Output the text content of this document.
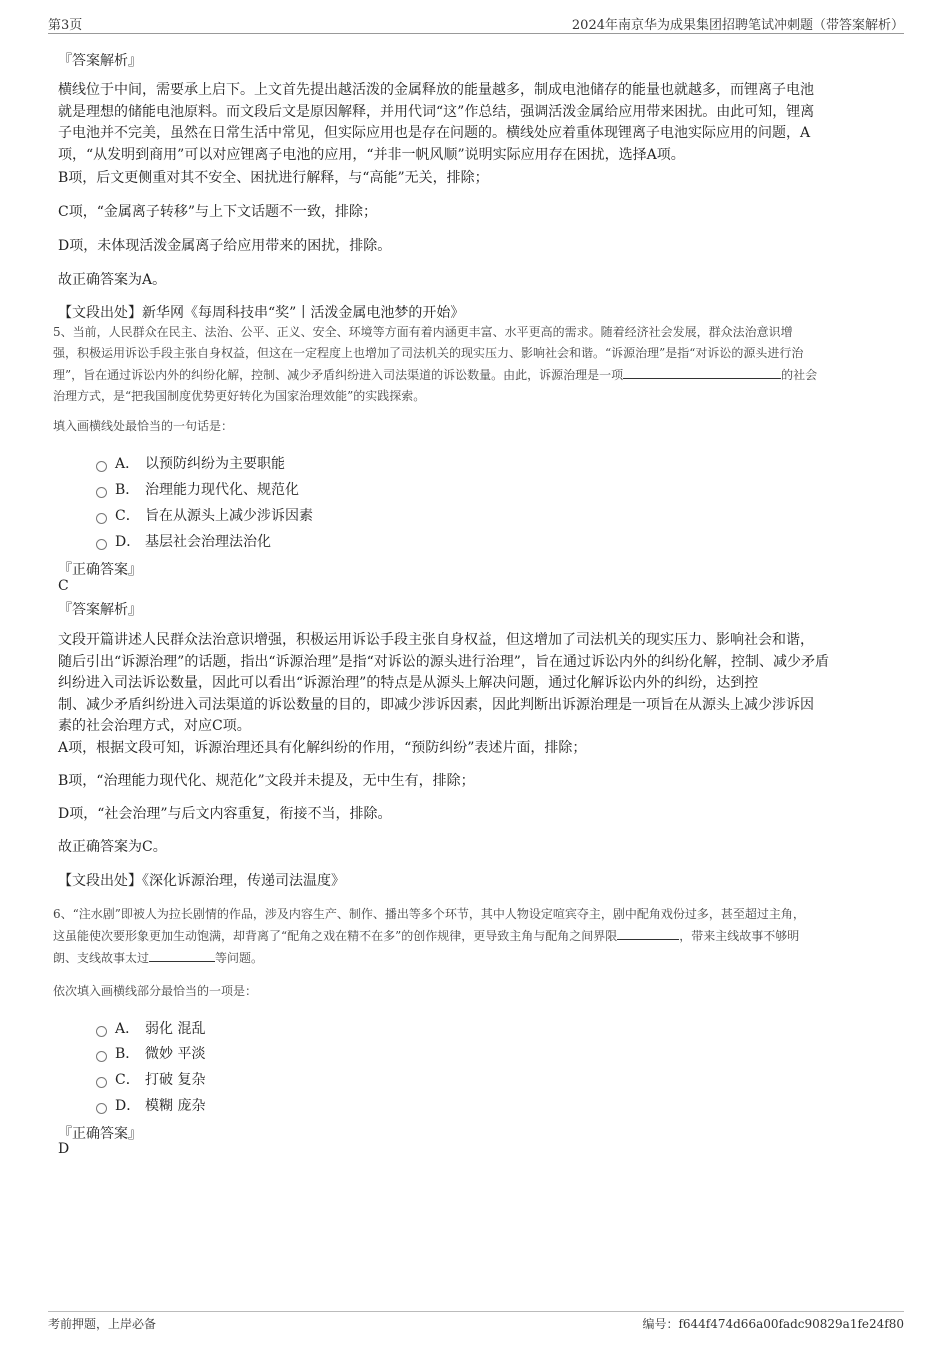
第3页	2024年南京华为成果集团招聘笔试冲刺题（带答案解析）
『答案解析』
横线位于中间，需要承上启下。上文首先提出越活泼的金属释放的能量越多，制成电池储存的能量也就越多，而锂离子电池
就是理想的储能电池原料。而文段后文是原因解释，并用代词“这”作总结，强调活泼金属给应用带来困扰。由此可知，锂离
子电池并不完美，虽然在日常生活中常见，但实际应用也是存在问题的。横线处应着重体现锂离子电池实际应用的问题，A
项，“从发明到商用”可以对应锂离子电池的应用，“并非一帆风顺”说明实际应用存在困扰，选择A项。
B项，后文更侧重对其不安全、困扰进行解释，与“高能”无关，排除；
C项，“金属离子转移”与上下文话题不一致，排除；
D项，未体现活泼金属离子给应用带来的困扰，排除。
故正确答案为A。
【文段出处】新华网《每周科技串“奖”丨活泼金属电池梦的开始》
5、当前，人民群众在民主、法治、公平、正义、安全、环境等方面有着内涵更丰富、水平更高的需求。随着经济社会发展，群众法治意识增
强，积极运用诉讼手段主张自身权益，但这在一定程度上也增加了司法机关的现实压力、影响社会和谐。“诉源治理”是指“对诉讼的源头进行治
理”，旨在通过诉讼内外的纠纷化解，控制、减少矛盾纠纷进入司法渠道的诉讼数量。由此，诉源治理是一项	的社会
治理方式，是“把我国制度优势更好转化为国家治理效能”的实践探索。
填入画横线处最恰当的一句话是：
A． 以预防纠纷为主要职能
B． 治理能力现代化、规范化
C． 旨在从源头上减少涉诉因素
D． 基层社会治理法治化
『正确答案』
C
『答案解析』
文段开篇讲述人民群众法治意识增强，积极运用诉讼手段主张自身权益，但这增加了司法机关的现实压力、影响社会和谐，
随后引出“诉源治理”的话题，指出“诉源治理”是指“对诉讼的源头进行治理”，旨在通过诉讼内外的纠纷化解，控制、减少矛盾
纠纷进入司法诉讼数量，因此可以看出“诉源治理”的特点是从源头上解决问题，通过化解诉讼内外的纠纷，达到控
制、减少矛盾纠纷进入司法渠道的诉讼数量的目的，即减少涉诉因素，因此判断出诉源治理是一项旨在从源头上减少涉诉因
素的社会治理方式，对应C项。
A项，根据文段可知，诉源治理还具有化解纠纷的作用，“预防纠纷”表述片面，排除；
B项，“治理能力现代化、规范化”文段并未提及，无中生有，排除；
D项，“社会治理”与后文内容重复，衔接不当，排除。
故正确答案为C。
【文段出处】《深化诉源治理，传递司法温度》
6、“注水剧”即被人为拉长剧情的作品，涉及内容生产、制作、播出等多个环节，其中人物设定喧宾夺主，剧中配角戏份过多，甚至超过主角，
这虽能使次要形象更加生动饱满，却背离了“配角之戏在精不在多”的创作规律，更导致主角与配角之间界限	，带来主线故事不够明
朗、支线故事太过	等问题。
依次填入画横线部分最恰当的一项是：
A． 弱化 混乱
B． 微妙 平淡
C． 打破 复杂
D． 模糊 庞杂
『正确答案』
D
考前押题，上岸必备	编号：f644f474d66a00fadc90829a1fe24f80
